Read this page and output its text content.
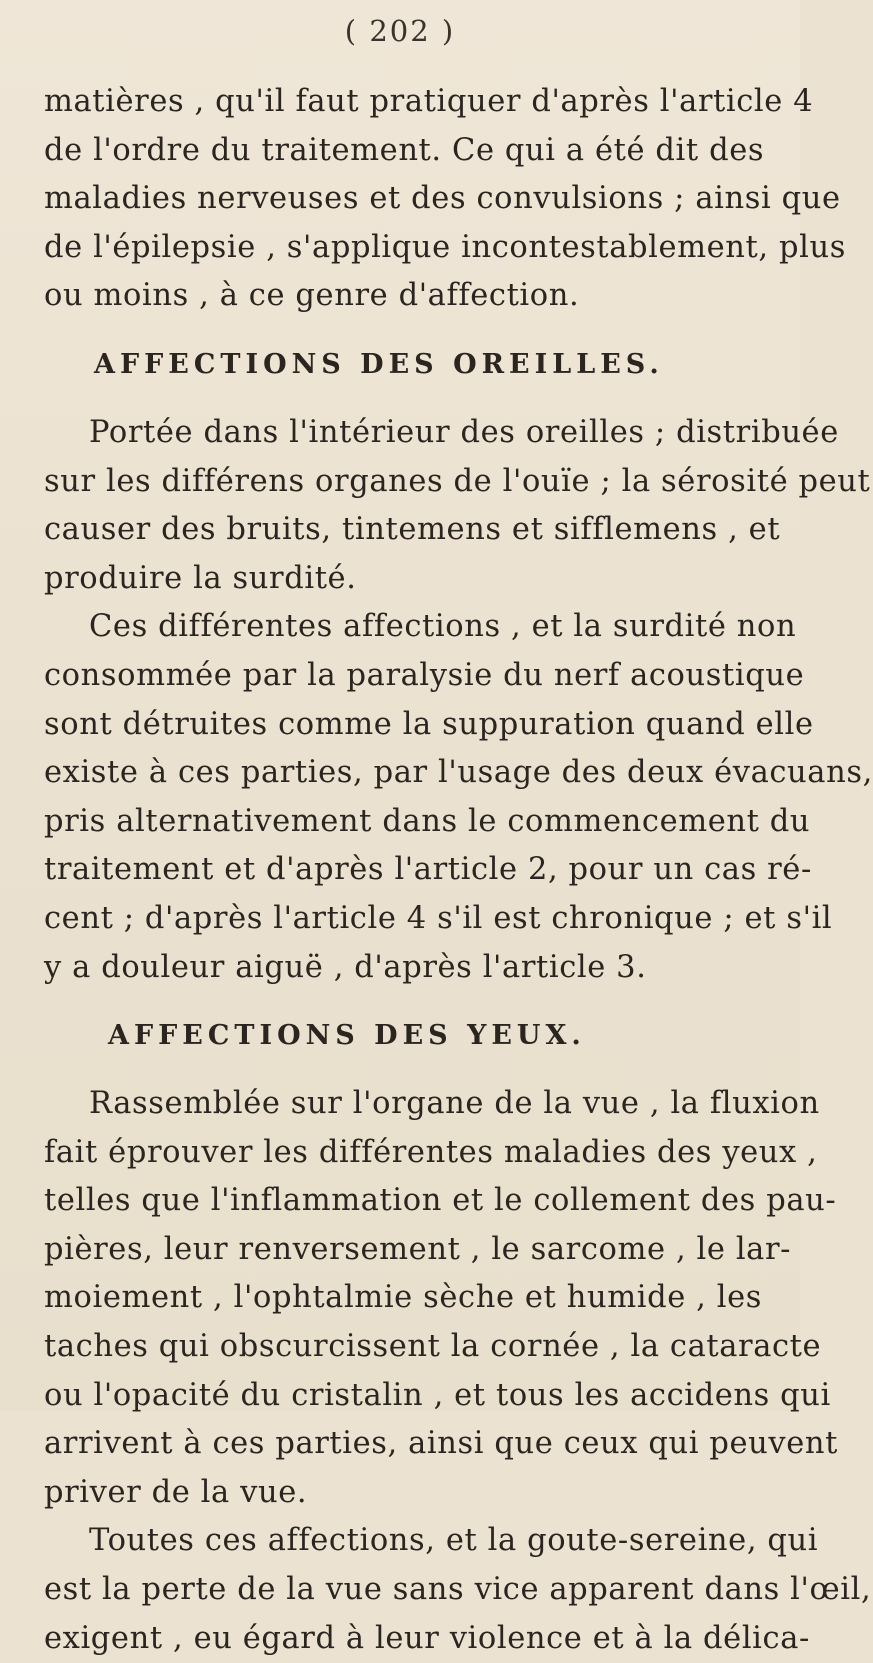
( 202 )
matières , qu'il faut pratiquer d'après l'article 4
de l'ordre du traitement. Ce qui a été dit des
maladies nerveuses et des convulsions ; ainsi que
de l'épilepsie , s'applique incontestablement, plus
ou moins , à ce genre d'affection.
AFFECTIONS DES OREILLES.
Portée dans l'intérieur des oreilles ; distribuée
sur les différens organes de l'ouïe ; la sérosité peut
causer des bruits, tintemens et sifflemens , et
produire la surdité.
Ces différentes affections , et la surdité non
consommée par la paralysie du nerf acoustique
sont détruites comme la suppuration quand elle
existe à ces parties, par l'usage des deux évacuans,
pris alternativement dans le commencement du
traitement et d'après l'article 2, pour un cas ré-
cent ; d'après l'article 4 s'il est chronique ; et s'il
y a douleur aiguë , d'après l'article 3.
AFFECTIONS DES YEUX.
Rassemblée sur l'organe de la vue , la fluxion
fait éprouver les différentes maladies des yeux ,
telles que l'inflammation et le collement des pau-
pières, leur renversement , le sarcome , le lar-
moiement , l'ophtalmie sèche et humide , les
taches qui obscurcissent la cornée , la cataracte
ou l'opacité du cristalin , et tous les accidens qui
arrivent à ces parties, ainsi que ceux qui peuvent
priver de la vue.
Toutes ces affections, et la goute-sereine, qui
est la perte de la vue sans vice apparent dans l'œil,
exigent , eu égard à leur violence et à la délica-
